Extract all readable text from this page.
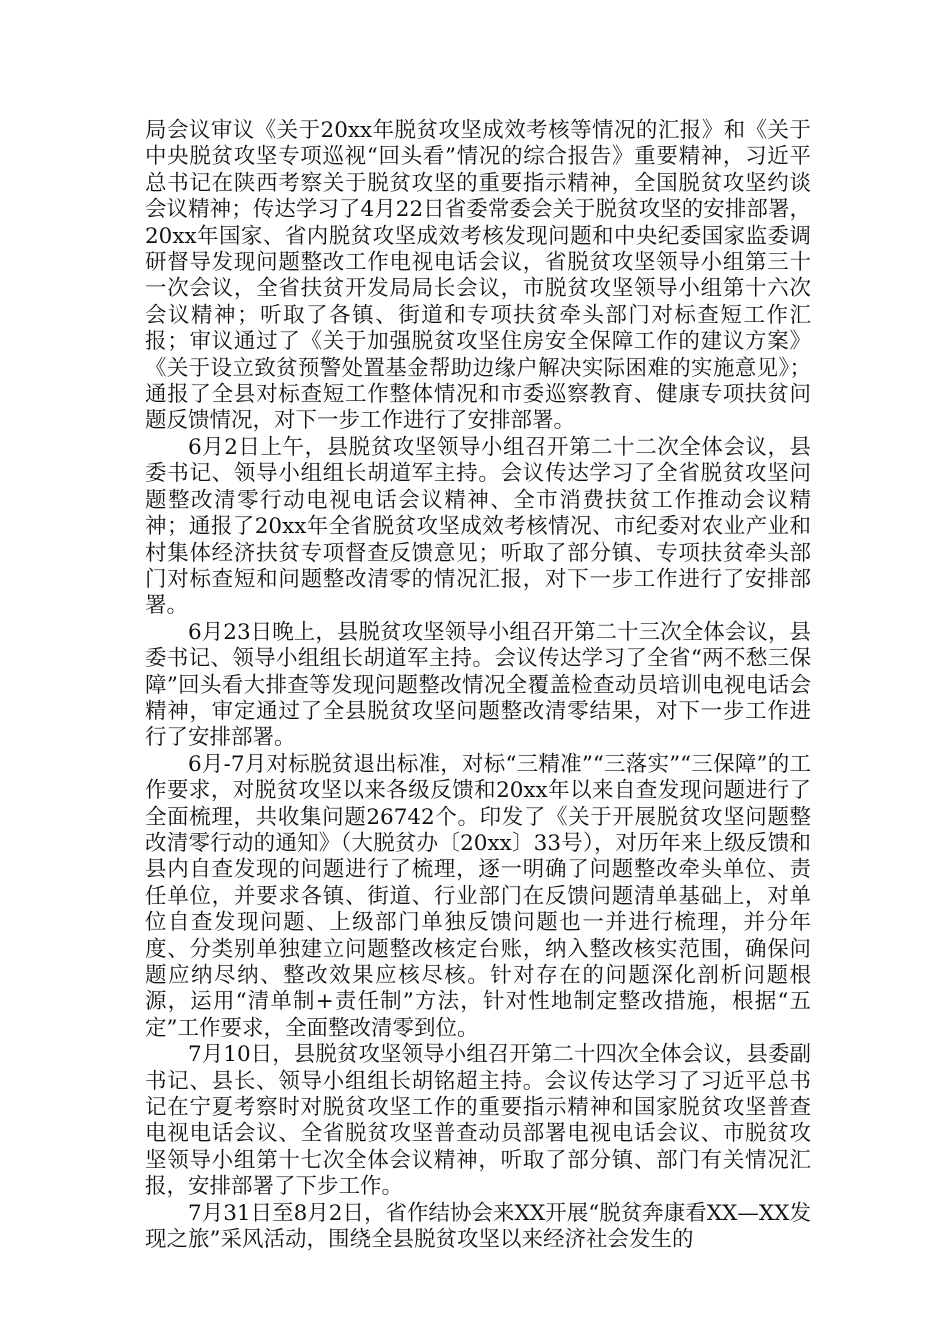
局会议审议《关于20xx年脱贫攻坚成效考核等情况的汇报》和《关于中央脱贫攻坚专项巡视“回头看”情况的综合报告》重要精神，习近平总书记在陕西考察关于脱贫攻坚的重要指示精神，全国脱贫攻坚约谈会议精神；传达学习了4月22日省委常委会关于脱贫攻坚的安排部署，20xx年国家、省内脱贫攻坚成效考核发现问题和中央纪委国家监委调研督导发现问题整改工作电视电话会议，省脱贫攻坚领导小组第三十一次会议，全省扶贫开发局局长会议，市脱贫攻坚领导小组第十六次会议精神；听取了各镇、街道和专项扶贫牵头部门对标查短工作汇报；审议通过了《关于加强脱贫攻坚住房安全保障工作的建议方案》《关于设立致贫预警处置基金帮助边缘户解决实际困难的实施意见》；通报了全县对标查短工作整体情况和市委巡察教育、健康专项扶贫问题反馈情况，对下一步工作进行了安排部署。

6月2日上午，县脱贫攻坚领导小组召开第二十二次全体会议，县委书记、领导小组组长胡道军主持。会议传达学习了全省脱贫攻坚问题整改清零行动电视电话会议精神、全市消费扶贫工作推动会议精神；通报了20xx年全省脱贫攻坚成效考核情况、市纪委对农业产业和村集体经济扶贫专项督查反馈意见；听取了部分镇、专项扶贫牵头部门对标查短和问题整改清零的情况汇报，对下一步工作进行了安排部署。

6月23日晚上，县脱贫攻坚领导小组召开第二十三次全体会议，县委书记、领导小组组长胡道军主持。会议传达学习了全省“两不愁三保障”回头看大排查等发现问题整改情况全覆盖检查动员培训电视电话会精神，审定通过了全县脱贫攻坚问题整改清零结果，对下一步工作进行了安排部署。

6月-7月对标脱贫退出标准，对标“三精准”“三落实”“三保障”的工作要求，对脱贫攻坚以来各级反馈和20xx年以来自查发现问题进行了全面梳理，共收集问题26742个。印发了《关于开展脱贫攻坚问题整改清零行动的通知》（大脱贫办〔20xx〕33号），对历年来上级反馈和县内自查发现的问题进行了梳理，逐一明确了问题整改牵头单位、责任单位，并要求各镇、街道、行业部门在反馈问题清单基础上，对单位自查发现问题、上级部门单独反馈问题也一并进行梳理，并分年度、分类别单独建立问题整改核定台账，纳入整改核实范围，确保问题应纳尽纳、整改效果应核尽核。针对存在的问题深化剖析问题根源，运用“清单制+责任制”方法，针对性地制定整改措施，根据“五定”工作要求，全面整改清零到位。

7月10日，县脱贫攻坚领导小组召开第二十四次全体会议，县委副书记、县长、领导小组组长胡铭超主持。会议传达学习了习近平总书记在宁夏考察时对脱贫攻坚工作的重要指示精神和国家脱贫攻坚普查电视电话会议、全省脱贫攻坚普查动员部署电视电话会议、市脱贫攻坚领导小组第十七次全体会议精神，听取了部分镇、部门有关情况汇报，安排部署了下步工作。

7月31日至8月2日，省作结协会来XX开展“脱贫奔康看XX—XX发现之旅”采风活动，围绕全县脱贫攻坚以来经济社会发生的
